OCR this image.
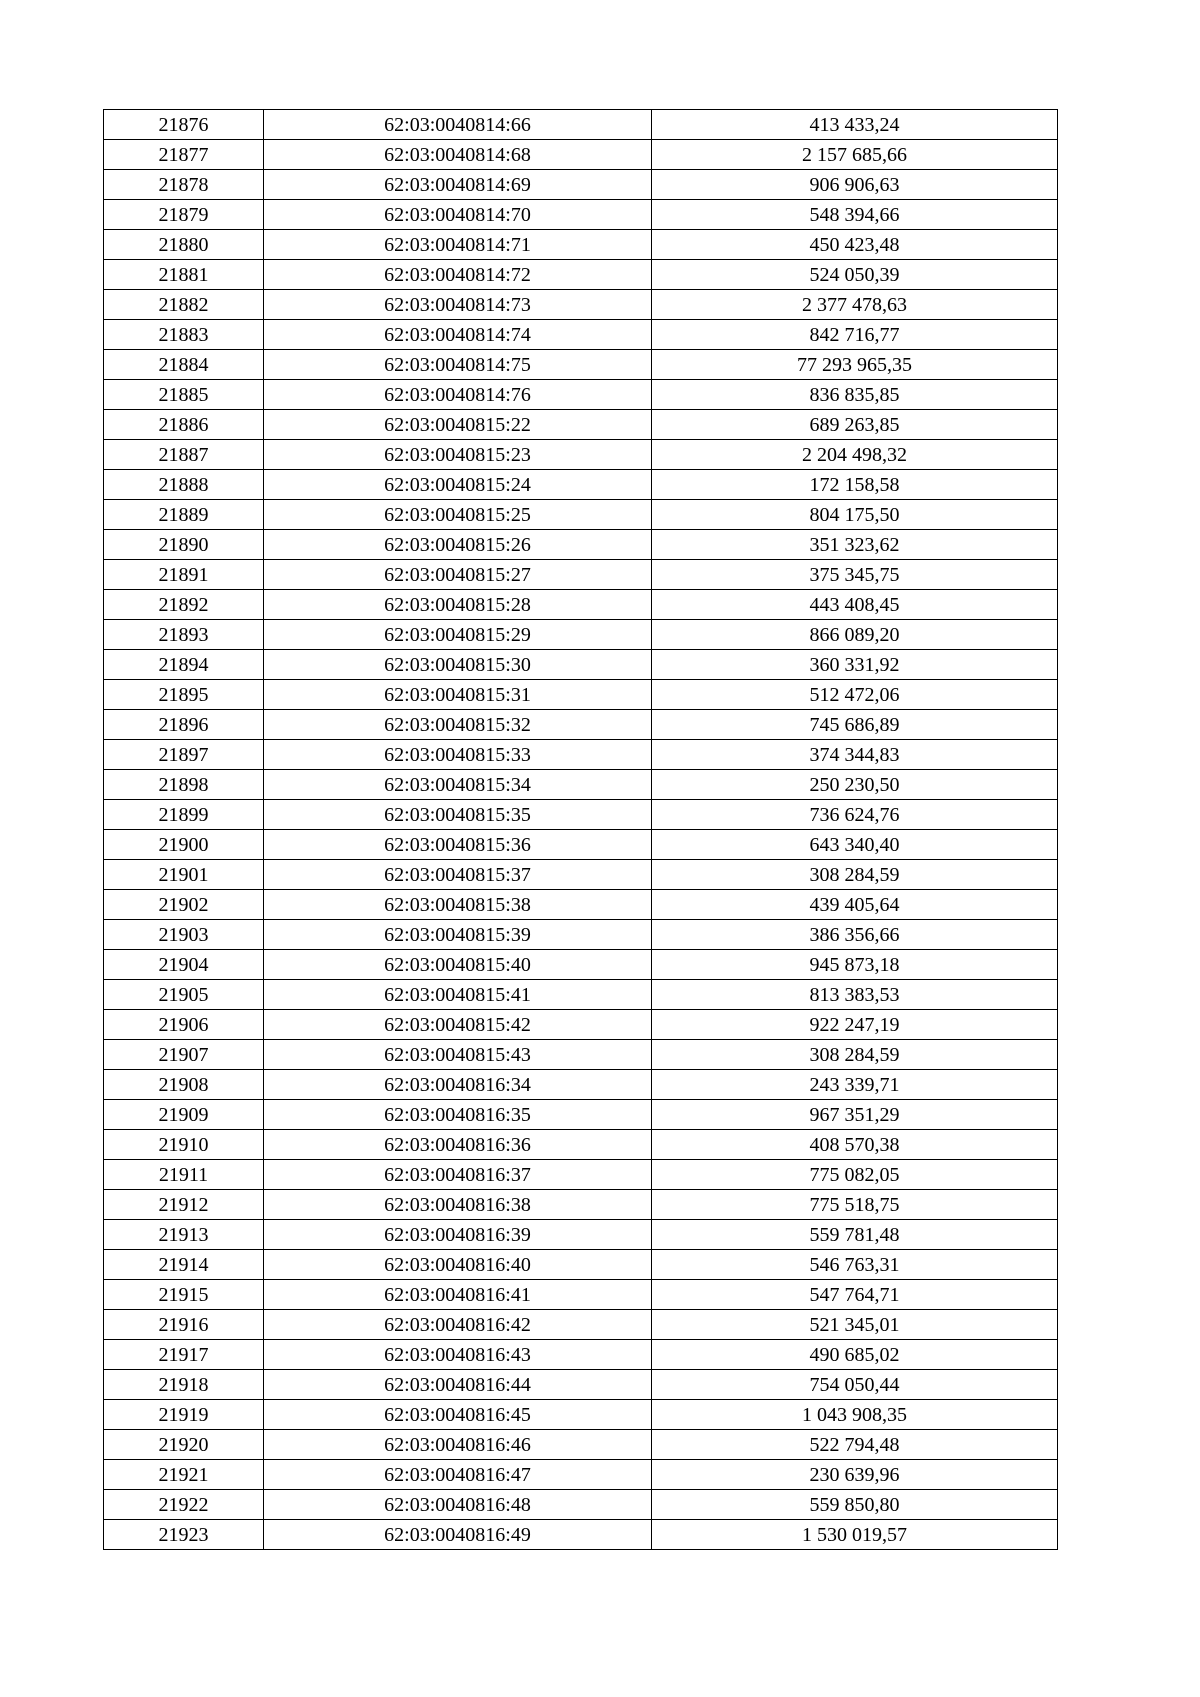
21876	62:03:0040814:66	413 433,24
21877	62:03:0040814:68	2 157 685,66
21878	62:03:0040814:69	906 906,63
21879	62:03:0040814:70	548 394,66
21880	62:03:0040814:71	450 423,48
21881	62:03:0040814:72	524 050,39
21882	62:03:0040814:73	2 377 478,63
21883	62:03:0040814:74	842 716,77
21884	62:03:0040814:75	77 293 965,35
21885	62:03:0040814:76	836 835,85
21886	62:03:0040815:22	689 263,85
21887	62:03:0040815:23	2 204 498,32
21888	62:03:0040815:24	172 158,58
21889	62:03:0040815:25	804 175,50
21890	62:03:0040815:26	351 323,62
21891	62:03:0040815:27	375 345,75
21892	62:03:0040815:28	443 408,45
21893	62:03:0040815:29	866 089,20
21894	62:03:0040815:30	360 331,92
21895	62:03:0040815:31	512 472,06
21896	62:03:0040815:32	745 686,89
21897	62:03:0040815:33	374 344,83
21898	62:03:0040815:34	250 230,50
21899	62:03:0040815:35	736 624,76
21900	62:03:0040815:36	643 340,40
21901	62:03:0040815:37	308 284,59
21902	62:03:0040815:38	439 405,64
21903	62:03:0040815:39	386 356,66
21904	62:03:0040815:40	945 873,18
21905	62:03:0040815:41	813 383,53
21906	62:03:0040815:42	922 247,19
21907	62:03:0040815:43	308 284,59
21908	62:03:0040816:34	243 339,71
21909	62:03:0040816:35	967 351,29
21910	62:03:0040816:36	408 570,38
21911	62:03:0040816:37	775 082,05
21912	62:03:0040816:38	775 518,75
21913	62:03:0040816:39	559 781,48
21914	62:03:0040816:40	546 763,31
21915	62:03:0040816:41	547 764,71
21916	62:03:0040816:42	521 345,01
21917	62:03:0040816:43	490 685,02
21918	62:03:0040816:44	754 050,44
21919	62:03:0040816:45	1 043 908,35
21920	62:03:0040816:46	522 794,48
21921	62:03:0040816:47	230 639,96
21922	62:03:0040816:48	559 850,80
21923	62:03:0040816:49	1 530 019,57
